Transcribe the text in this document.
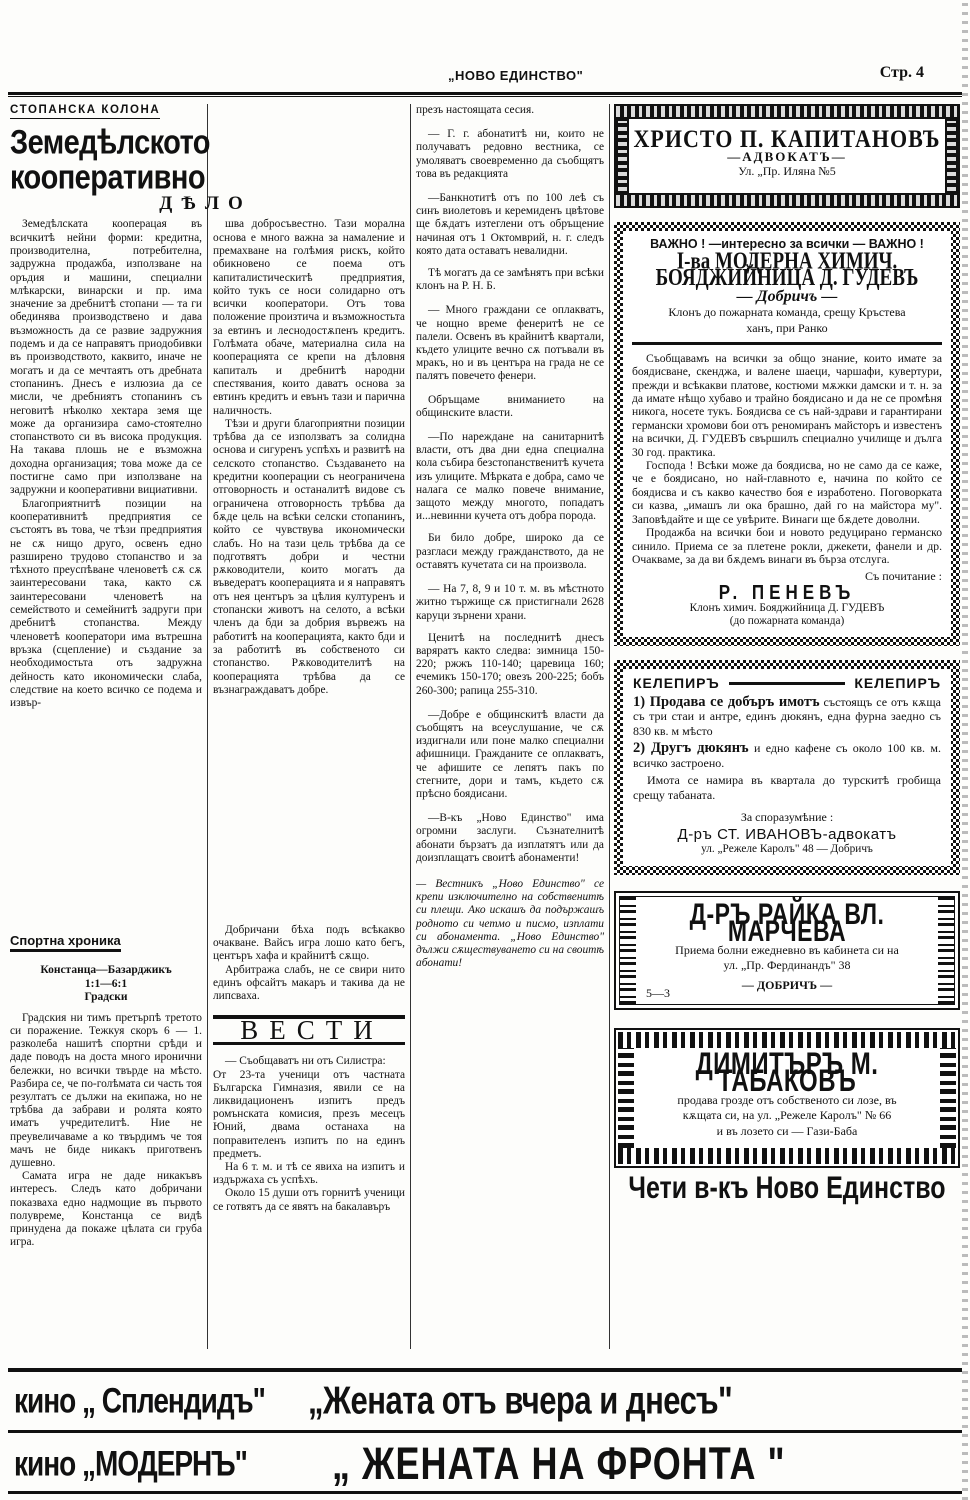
„НОВО ЕДИНСТВО"	Стр. 4
СТОПАНСКА КОЛОНА
Земедѣлското кооперативно
ДѢЛО

Земедѣлската кооперацая въ всичкитѣ нейни форми: кредитна, производителна, потребителна, задружна продажба, използване на оръдия и машини, специални млѣкарски, винарски и пр. има значение за дребнитѣ стопани — та ги обединява производствено и дава възможность да се развие задружния подемъ и да се направятъ приодобивки въ производството, каквито, иначе не могатъ и да се мечтаятъ отъ дребната стопанинъ. Днесъ е излюзиа да се мисли, че дребниятъ стопанинъ съ неговитѣ нѣколко хектара земя ще може да организира само-стоятелно стопанството си въ висока продукция. На такава плошь не е възможна доходна организация; това може да се постигне само при използване на задружни и кооперативни вициативни.

Благоприятнитѣ позиции на кооперативнитѣ предприятия се състоятъ въ това, че тѣзи предприятия не сѫ нищо друго, освенъ едно разширено трудово стопанство и за тѣхното преуспѣване членоветѣ сѫ сѫ заинтересовани така, както сѫ заинтересовани членоветѣ на семейството и семейнитѣ задруги при дребнитѣ стопанства. Между членоветѣ кооператори има вътрешна връзка (сцепление) и създание за необходимостьта отъ задружна дейность като икономически слаба, следствие на което всичко се подема и извър-

шва добросъвестно. Тази морална основа е много важна за намаление и премахване на голѣмия рискъ, който обикновено се поема отъ капиталистическитѣ предприятия, който тукъ се носи солидарно отъ всички кооператори. Отъ това положение произтича и възможностьта за евтинъ и леснодостѫпенъ кредитъ. Голѣмата обаче, материална сила на кооперацията се крепи на дѣловня капиталъ и дребнитѣ народни спестявания, които даватъ основа за евтинъ кредитъ и евънъ тази и парична наличность.

Тѣзи и други благоприятни позиции трѣбва да се използватъ за солидна основа и сигуренъ успѣхъ и развитѣ на селското стопанство. Създаването на кредитни кооперации съ неограничена отговорность и останалитѣ видове съ ограничена отговорность трѣбва да бѫде цель на всѣки селски стопанинъ, който се чувствува икономически слабъ. Но на тази цель трѣбва да се подготвятъ добри и честни рѫководители, които могатъ да въведератъ кооперацията и я направятъ отъ нея центъръ за цѣлия културенъ и стопански животъ на селото, а всѣки членъ да бди за добрия вървежъ на работитѣ на кооперацията, както бди и за работитѣ въ собственото си стопанство. Рѫководителитѣ на кооперацията трѣбва да се възнаграждаватъ добре.

Спортна хроника
Констанца—Базарджикъ
1:1—6:1
Градски

Градския ни тимъ претърпѣ третото си поражение. Тежкуя скоръ 6 — 1. разколеба нашитѣ спортни срѣди и даде поводъ на доста много иронични бележки, но всички твърде на мѣсто. Разбира се, че по-голѣмата си часть тоя резултатъ се дължи на екипажа, но не трѣбва да забрави и ролята която иматъ учредителитѣ. Ние не преувеличаваме а ко твърдимъ че тоя мачъ не биде никакъ приготвенъ душевно.

Самата игра не даде никакъвъ интересъ. Следъ като добричани показваха едно надмощие въ първото полувреме, Констанца се видѣ принудена да покаже цѣлата си груба игра.

Добричани бѣха подъ всѣкакво очакване. Вайсъ игра лошо като бегъ, центъръ хафа и крайнитѣ сѫщо.

Арбитража слабъ, не се свири нито единъ офсайтъ макаръ и такива да не липсваха.

ВЕСТИ

— Съобщаватъ ни отъ Силистра:

От 23-та ученици отъ частната Българска Гимназия, явили се на ликвидационенъ изпитъ предъ ромънската комисия, презъ месецъ Юний, двама останаха на поправителенъ изпитъ по на единъ предметъ.

На 6 т. м. и тѣ се явиха на изпитъ и издържаха съ успѣхъ.

Около 15 души отъ горнитѣ ученици се готвятъ да се явятъ на бакалавъръ

презъ настоящата сесия.

— Г. г. абонатитѣ ни, които не получаватъ редовно вестника, се умоляватъ своевременно да съобщятъ това въ редакцията

—Банкнотитѣ отъ по 100 леѣ съ синъ виолетовъ и керемиденъ цвѣтове ще бѫдатъ изтеглени отъ обръщение начиная отъ 1 Октомврий, н. г. следъ която дата оставатъ невалидни.

Тѣ могатъ да се замѣнятъ при всѣки клонъ на Р. Н. Б.

— Много граждани се оплакватъ, че нощно време фенеритѣ не се палели. Освенъ въ крайнитѣ квартали, където улиците вечно сѫ потъвали въ мракъ, но и въ центъра на града не се палятъ повечето фенери.

Обръщаме вниманието на общинските власти.

—По нареждане на санитарнитѣ власти, отъ два дни една специална кола събира безстопанственитѣ кучета изъ улиците. Мѣрката е добра, само че налага се малко повече внимание, защото между многото, попадатъ и...невинни кучета отъ добра порода.

Би било добре, широко да се разгласи между гражданството, да не оставятъ кучетата си на произвола.

— На 7, 8, 9 и 10 т. м. въ мѣстното житно тържище сѫ пристигнали 2628 каруци зърнени храни.

Ценитѣ на последнитѣ днесъ варяратъ както следва: зимница 150-220; ржжъ 110-140; царевица 160; ечемикъ 150-170; овезъ 200-225; бобъ 260-300; рапица 255-310.

—Добре е общинскитѣ власти да съобщятъ на всеуслушание, че сѫ издигнали или поне малко специални афишници. Гражданите се оплакватъ, че афишите се лепятъ пакъ по стегните, дори и тамъ, където сѫ прѣсно боядисани.

—В-къ „Ново Единство" има огромни заслуги. Съзнателнитѣ абонати бързатъ да изплатятъ или да доизплащатъ своитѣ абонаменти!

— Вестникъ „Ново Единство" се крепи изключително на собственитѣ си плещи. Ако искашъ да подържашъ роднотo си четмо и писмо, изплати си абонамента. „Ново Единство" дължи сѫществуването си на своитѣ абонати!

ХРИСТО П. КАПИТАНОВЪ
—АДВОКАТЪ—
Ул. „Пр. Иляна №5
ВАЖНО ! —интересно за всички — ВАЖНО !
I-ва МОДЕРНА ХИМИЧ. БОЯДЖИЙНИЦА Д. ГУДЕВЪ
— Добричъ —
Клонъ до пожарната команда, срещу Кръстева
ханъ, при Ранко

Съобщавамъ на всички за общо знание, които имате за боядисване, скенджа, и валене шаеци, чаршафи, кувертури, прежди и всѣкакви платове, костюми мѫжки дамски и т. н. за да имате нѣщо хубаво и трайно боядисано и да не се промѣня никога, носете тукъ. Боядисва се съ най-здрави и гарантирани германски хромови бои отъ реномиранъ майсторъ и известенъ на всички, Д. ГУДЕВЪ свършилъ специално училище и дълга 30 год. практика.

Господа ! Всѣки може да боядисва, но не само да се каже, че е боядисано, но най-главното е, начина по който се боядисва и съ какво качество боя е изработено. Поговорката си казва, „имашъ ли ока брашно, дай го на майстора му". Заповѣдайте и ще се увѣрите. Винаги ще бѫдете доволни.

Продажба на всички бои и новото редуцирано германско синило. Приема се за плетене рокли, джекети, фанели и др. Очакваме, за да ви бѫдемъ винаги въ бърза отслуга.

Съ почитание :
Р. ПЕНЕВЪ
Клонъ химич. Бояджийница Д. ГУДЕВЪ
(до пожарната команда)
КЕЛЕПИРЪ	КЕЛЕПИРЪ
1) Продава се добъръ имотъ състоящъ се отъ кѫща съ три стаи и антре, единъ дюкянъ, една фурна заедно съ 830 кв. м мѣсто
2) Другъ дюкянъ и едно кафене съ около 100 кв. м. всичко застроено.
Имота се намира въ квартала до турскитѣ гробища срещу табаната.
За споразумѣние :
Д-ръ СТ. ИВАНОВЪ-адвокатъ
ул. „Режеле Каролъ" 48 — Добричъ
Д-РЪ РАЙКА ВЛ. МАРЧЕВА
Приема болни ежедневно въ кабинета си на
ул. „Пр. Фердинандъ" 38
— ДОБРИЧЪ —
5—3
ДИМИТЪРЪ М. ТАБАКОВЪ
продава грозде отъ собственото си лозе, въ
кѫщата си, на ул. „Режеле Каролъ" № 66
и въ лозето си — Гази-Баба
Чети в-къ Ново Единство
кино „ Сплендидъ"	„Жената отъ вчера и днесъ"
кино „МОДЕРНЪ"	„ ЖЕНАТА НА ФРОНТА "
